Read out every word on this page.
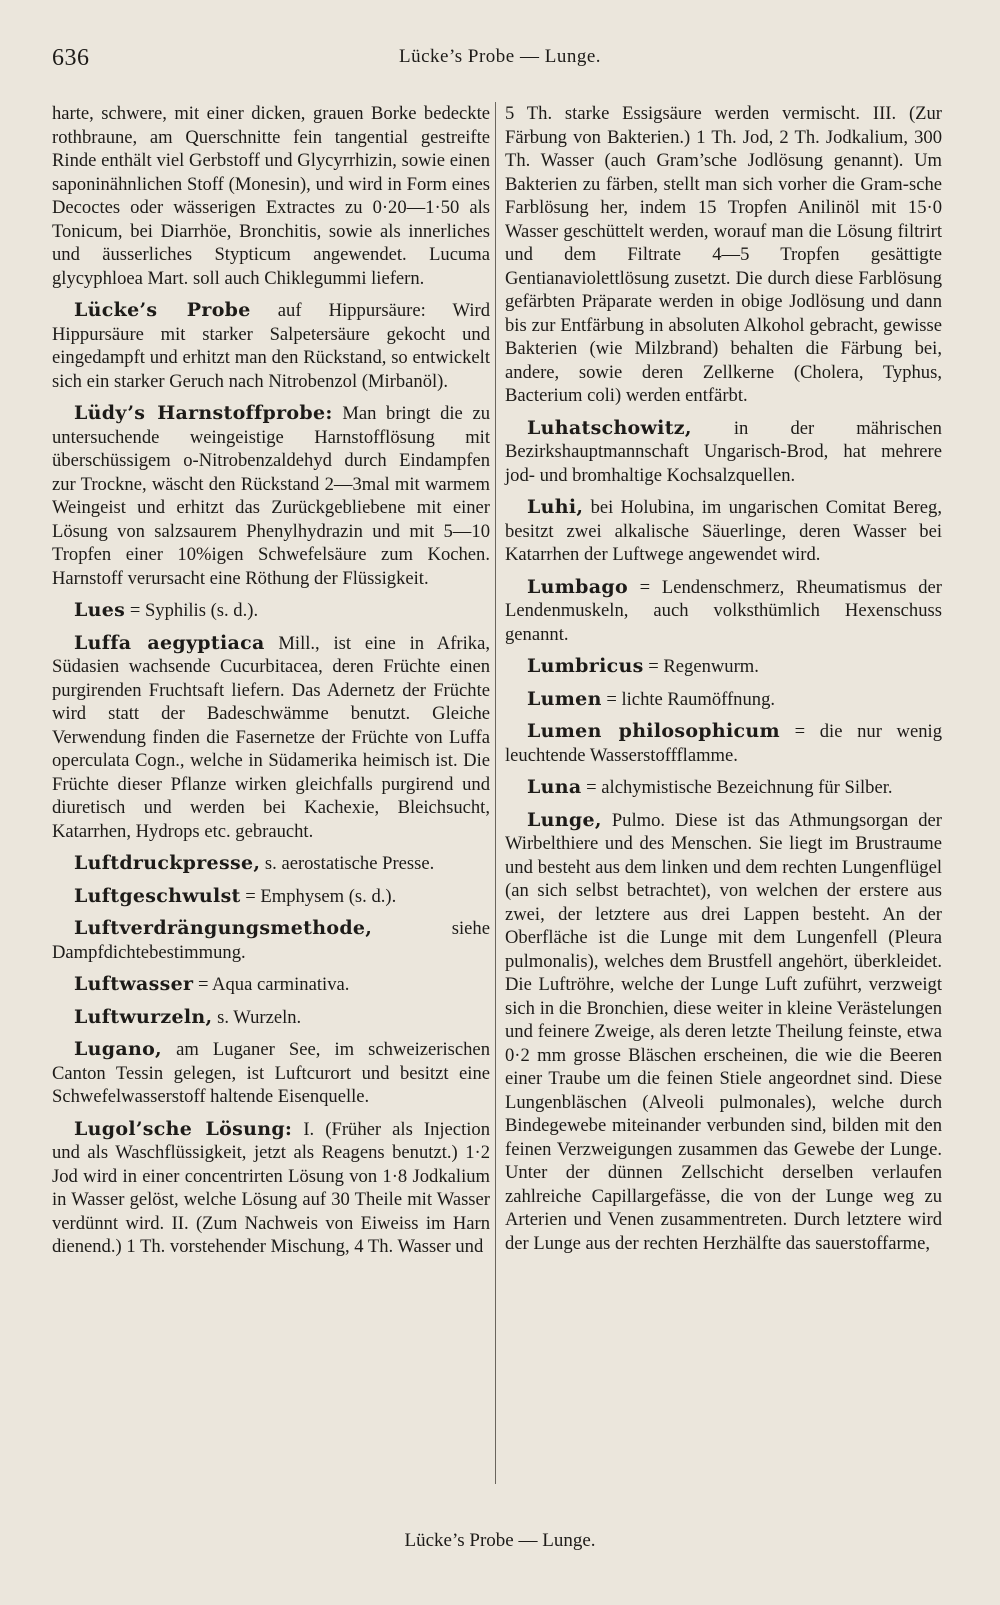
636	Lücke’s Probe — Lunge.

harte, schwere, mit einer dicken, grauen Borke bedeckte rothbraune, am Querschnitte fein tangential gestreifte Rinde enthält viel Gerbstoff und Glycyrrhizin, sowie einen saponinähnlichen Stoff (Monesin), und wird in Form eines Decoctes oder wässerigen Extractes zu 0·20—1·50 als Tonicum, bei Diarrhöe, Bronchitis, sowie als innerliches und äusserliches Stypticum angewendet. Lucuma glycyphloea Mart. soll auch Chiklegummi liefern.

Lücke’s Probe auf Hippursäure: Wird Hippursäure mit starker Salpetersäure gekocht und eingedampft und erhitzt man den Rückstand, so entwickelt sich ein starker Geruch nach Nitrobenzol (Mirbanöl).

Lüdy’s Harnstoffprobe: Man bringt die zu untersuchende weingeistige Harnstofflösung mit überschüssigem o-Nitrobenzaldehyd durch Eindampfen zur Trockne, wäscht den Rückstand 2—3mal mit warmem Weingeist und erhitzt das Zurückgebliebene mit einer Lösung von salzsaurem Phenylhydrazin und mit 5—10 Tropfen einer 10%igen Schwefelsäure zum Kochen. Harnstoff verursacht eine Röthung der Flüssigkeit.

Lues = Syphilis (s. d.).

Luffa aegyptiaca Mill., ist eine in Afrika, Südasien wachsende Cucurbitacea, deren Früchte einen purgirenden Fruchtsaft liefern. Das Adernetz der Früchte wird statt der Badeschwämme benutzt. Gleiche Verwendung finden die Fasernetze der Früchte von Luffa operculata Cogn., welche in Südamerika heimisch ist. Die Früchte dieser Pflanze wirken gleichfalls purgirend und diuretisch und werden bei Kachexie, Bleichsucht, Katarrhen, Hydrops etc. gebraucht.

Luftdruckpresse, s. aerostatische Presse.

Luftgeschwulst = Emphysem (s. d.).

Luftverdrängungsmethode,	siehe Dampfdichtebestimmung.

Luftwasser = Aqua carminativa.

Luftwurzeln, s. Wurzeln.

Lugano, am Luganer See, im schweizerischen Canton Tessin gelegen, ist Luftcurort und besitzt eine Schwefelwasserstoff haltende Eisenquelle.

Lugol’sche Lösung: I. (Früher als Injection und als Waschflüssigkeit, jetzt als Reagens benutzt.) 1·2 Jod wird in einer concentrirten Lösung von 1·8 Jodkalium in Wasser gelöst, welche Lösung auf 30 Theile mit Wasser verdünnt wird. II. (Zum Nachweis von Eiweiss im Harn dienend.) 1 Th. vorstehender Mischung, 4 Th. Wasser und

5 Th. starke Essigsäure werden vermischt. III. (Zur Färbung von Bakterien.) 1 Th. Jod, 2 Th. Jodkalium, 300 Th. Wasser (auch Gram’sche Jodlösung genannt). Um Bakterien zu färben, stellt man sich vorher die Gram-sche Farblösung her, indem 15 Tropfen Anilinöl mit 15·0 Wasser geschüttelt werden, worauf man die Lösung filtrirt und dem Filtrate 4—5 Tropfen gesättigte Gentianaviolettlösung zusetzt. Die durch diese Farblösung gefärbten Präparate werden in obige Jodlösung und dann bis zur Entfärbung in absoluten Alkohol gebracht, gewisse Bakterien (wie Milzbrand) behalten die Färbung bei, andere, sowie deren Zellkerne (Cholera, Typhus, Bacterium coli) werden entfärbt.

Luhatschowitz, in der mährischen Bezirkshauptmannschaft Ungarisch-Brod, hat mehrere jod- und bromhaltige Kochsalzquellen.

Luhi, bei Holubina, im ungarischen Comitat Bereg, besitzt zwei alkalische Säuerlinge, deren Wasser bei Katarrhen der Luftwege angewendet wird.

Lumbago = Lendenschmerz, Rheumatismus der Lendenmuskeln, auch volksthümlich Hexenschuss genannt.

Lumbricus = Regenwurm.

Lumen = lichte Raumöffnung.

Lumen philosophicum = die nur wenig leuchtende Wasserstoffflamme.

Luna = alchymistische Bezeichnung für Silber.

Lunge, Pulmo. Diese ist das Athmungsorgan der Wirbelthiere und des Menschen. Sie liegt im Brustraume und besteht aus dem linken und dem rechten Lungenflügel (an sich selbst betrachtet), von welchen der erstere aus zwei, der letztere aus drei Lappen besteht. An der Oberfläche ist die Lunge mit dem Lungenfell (Pleura pulmonalis), welches dem Brustfell angehört, überkleidet. Die Luftröhre, welche der Lunge Luft zuführt, verzweigt sich in die Bronchien, diese weiter in kleine Verästelungen und feinere Zweige, als deren letzte Theilung feinste, etwa 0·2 mm grosse Bläschen erscheinen, die wie die Beeren einer Traube um die feinen Stiele angeordnet sind. Diese Lungenbläschen (Alveoli pulmonales), welche durch Bindegewebe miteinander verbunden sind, bilden mit den feinen Verzweigungen zusammen das Gewebe der Lunge. Unter der dünnen Zellschicht derselben verlaufen zahlreiche Capillargefässe, die von der Lunge weg zu Arterien und Venen zusammentreten. Durch letztere wird der Lunge aus der rechten Herzhälfte das sauerstoffarme,

Lücke’s Probe — Lunge.
